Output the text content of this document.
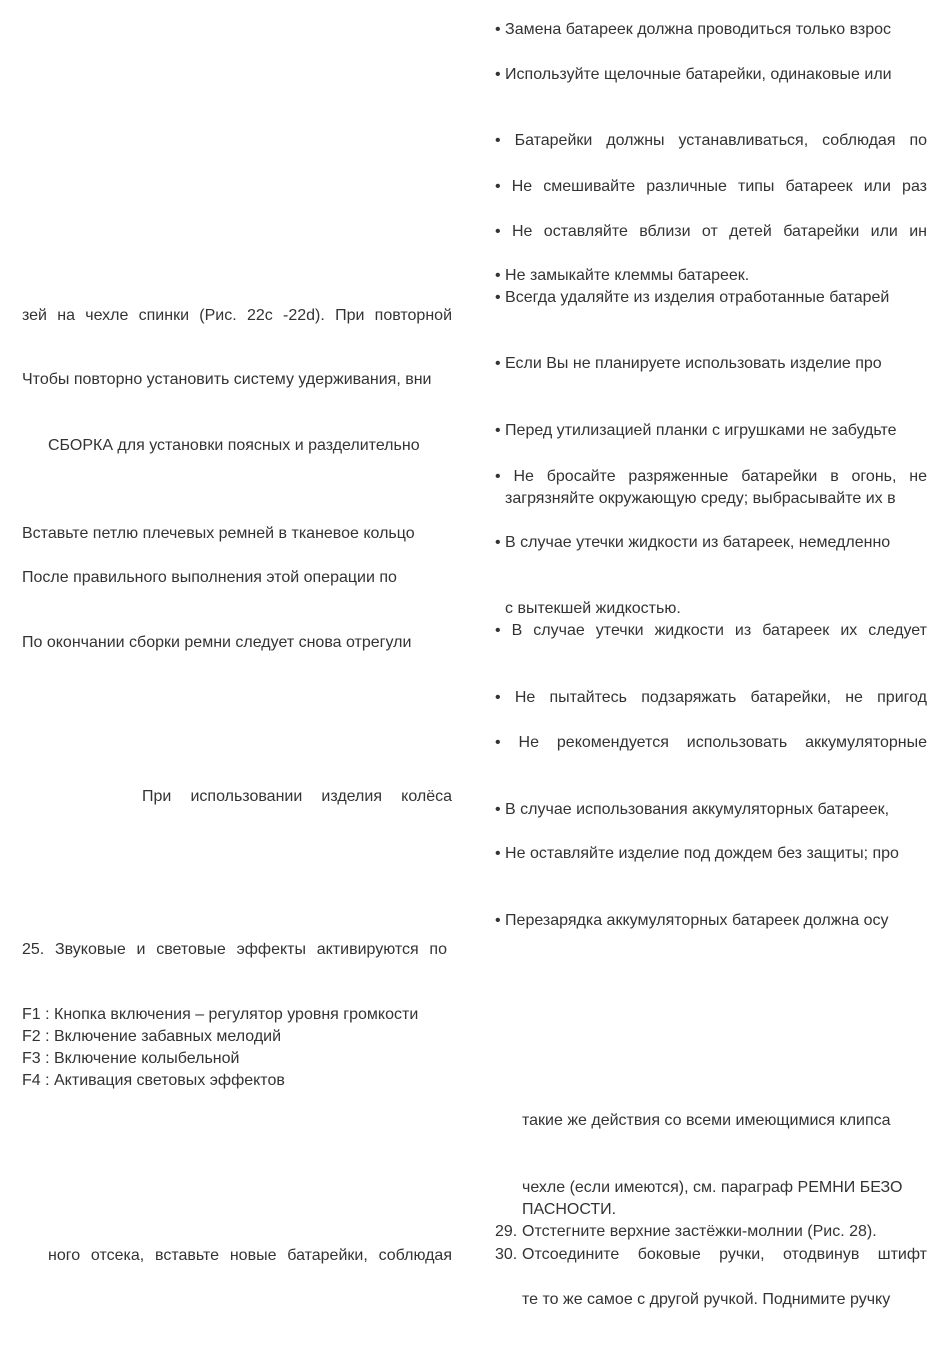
• Замена батареек должна проводиться только взрос
• Используйте щелочные батарейки, одинаковые или
• Батарейки должны устанавливаться, соблюдая по
• Не смешивайте различные типы батареек или раз
• Не оставляйте вблизи от детей батарейки или ин
• Не замыкайте клеммы батареек.
• Всегда удаляйте из изделия отработанные батарей
• Если Вы не планируете использовать изделие про
• Перед утилизацией планки с игрушками не забудьте
• Не бросайте разряженные батарейки в огонь, не
загрязняйте окружающую среду; выбрасывайте их в
• В случае утечки жидкости из батареек, немедленно
с вытекшей жидкостью.
• В случае утечки жидкости из батареек их следует
• Не пытайтесь подзаряжать батарейки, не пригод
• Не рекомендуется использовать аккумуляторные
• В случае использования аккумуляторных батареек,
• Не оставляйте изделие под дождем без защиты; про
• Перезарядка аккумуляторных батареек должна осу
такие же действия со всеми имеющимися клипса
чехле (если имеются), см. параграф РЕМНИ БЕЗО
ПАСНОСТИ.
29. Отстегните верхние застёжки-молнии (Рис. 28).
30. Отсоедините боковые ручки, отодвинув штифт
те то же самое с другой ручкой. Поднимите ручку
зей на чехле спинки (Рис. 22c -22d). При повторной
Чтобы повторно установить систему удерживания, вни
СБОРКА для установки поясных и разделительно
Вставьте петлю плечевых ремней в тканевое кольцо
После правильного выполнения этой операции по
По окончании сборки ремни следует снова отрегули
При использовании изделия колёса
25. Звуковые и световые эффекты активируются по
F1 : Кнопка включения – регулятор уровня громкости
F2 : Включение забавных мелодий
F3 : Включение колыбельной
F4 : Активация световых эффектов
ного отсека, вставьте новые батарейки, соблюдая
